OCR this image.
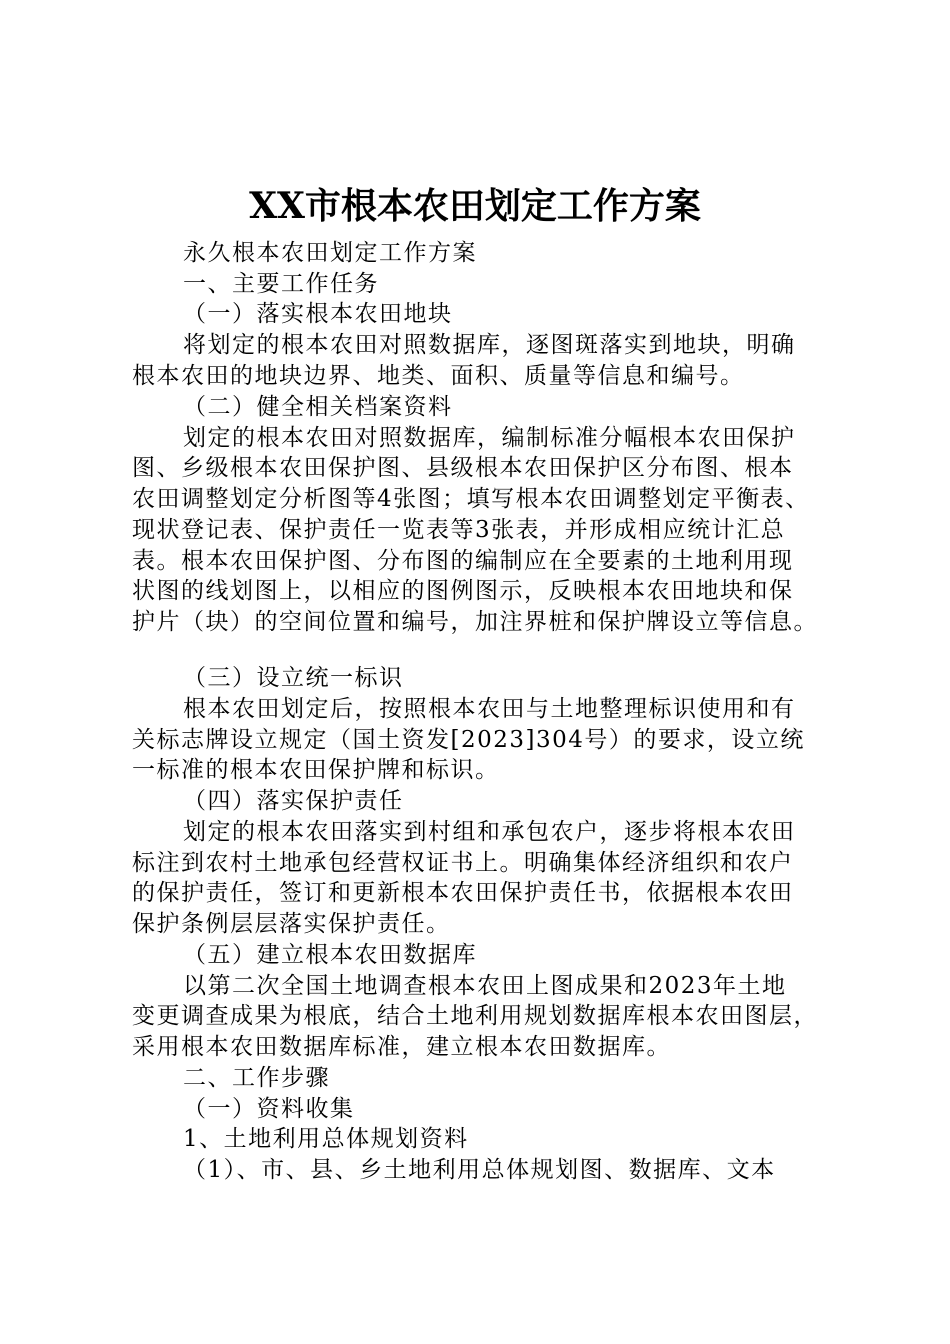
XX市根本农田划定工作方案
永久根本农田划定工作方案
一、主要工作任务
（一）落实根本农田地块
将划定的根本农田对照数据库，逐图斑落实到地块，明确
根本农田的地块边界、地类、面积、质量等信息和编号。
（二）健全相关档案资料
划定的根本农田对照数据库，编制标准分幅根本农田保护
图、乡级根本农田保护图、县级根本农田保护区分布图、根本
农田调整划定分析图等4张图；填写根本农田调整划定平衡表、
现状登记表、保护责任一览表等3张表，并形成相应统计汇总
表。根本农田保护图、分布图的编制应在全要素的土地利用现
状图的线划图上，以相应的图例图示，反映根本农田地块和保
护片（块）的空间位置和编号，加注界桩和保护牌设立等信息。
（三）设立统一标识
根本农田划定后，按照根本农田与土地整理标识使用和有
关标志牌设立规定（国土资发[2023]304号）的要求，设立统
一标准的根本农田保护牌和标识。
（四）落实保护责任
划定的根本农田落实到村组和承包农户，逐步将根本农田
标注到农村土地承包经营权证书上。明确集体经济组织和农户
的保护责任，签订和更新根本农田保护责任书，依据根本农田
保护条例层层落实保护责任。
（五）建立根本农田数据库
以第二次全国土地调查根本农田上图成果和2023年土地
变更调查成果为根底，结合土地利用规划数据库根本农田图层，
采用根本农田数据库标准，建立根本农田数据库。
二、工作步骤
（一）资料收集
1、土地利用总体规划资料
（1）、市、县、乡土地利用总体规划图、数据库、文本
